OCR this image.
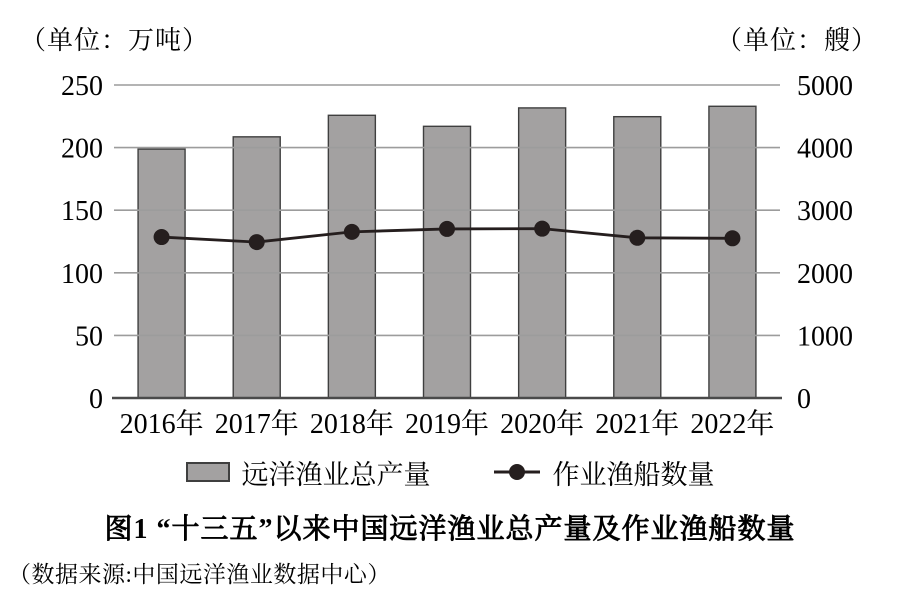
（单位：万吨）	（单位：艘）
0
50
100
150
200
250
0
1000
2000
3000
4000
5000
2016年 2017年 2018年 2019年 2020年 2021年 2022年
远洋渔业总产量	作业渔船数量
图1 “十三五”以来中国远洋渔业总产量及作业渔船数量
（数据来源:中国远洋渔业数据中心）
